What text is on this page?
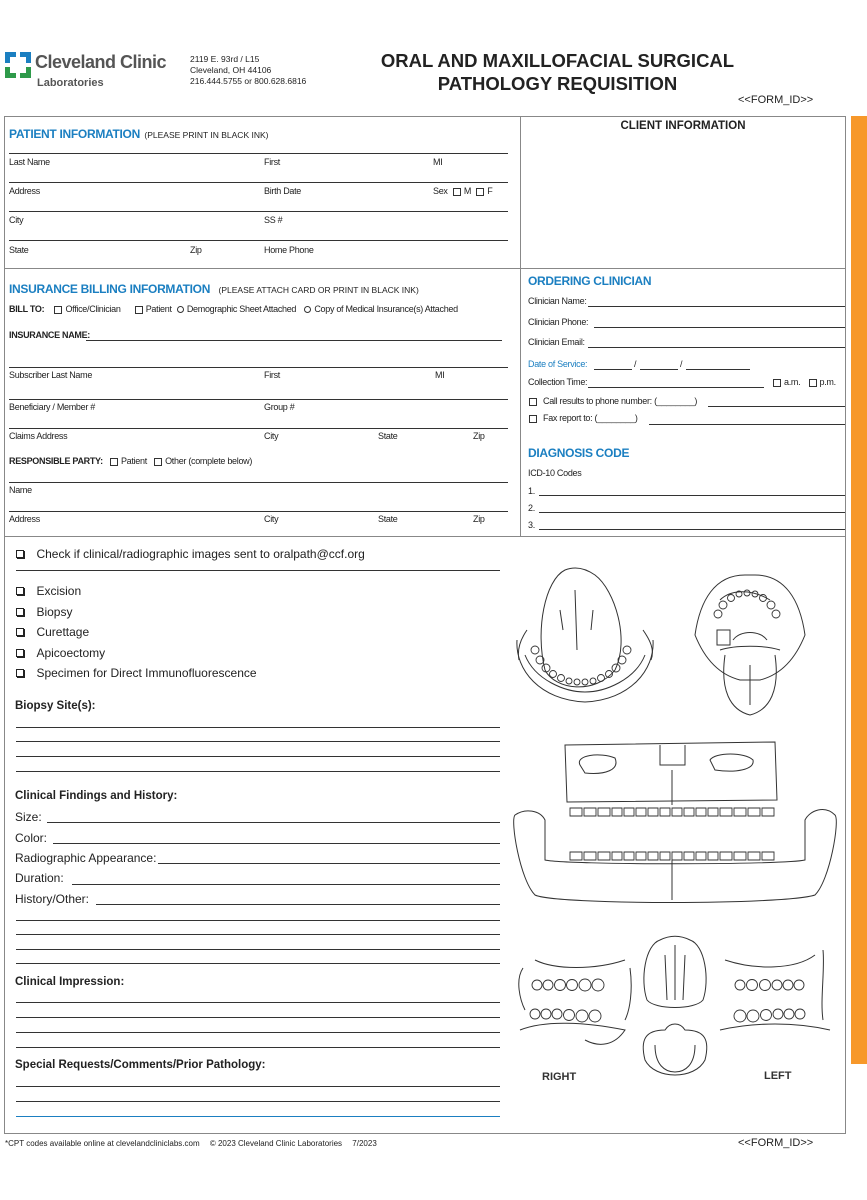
Cleveland Clinic
Laboratories
2119 E. 93rd / L15
Cleveland, OH 44106
216.444.5755 or 800.628.6816
ORAL AND MAXILLOFACIAL SURGICAL
PATHOLOGY REQUISITION
<<FORM_ID>>
PATIENT INFORMATION (PLEASE PRINT IN BLACK INK)
Last Name	First	MI
Address	Birth Date	Sex M F
City	SS #
State	Zip	Home Phone
CLIENT INFORMATION
INSURANCE BILLING INFORMATION (PLEASE ATTACH CARD OR PRINT IN BLACK INK)
BILL TO: Office/Clinician	Patient Demographic Sheet Attached Copy of Medical Insurance(s) Attached
INSURANCE NAME:
Subscriber Last Name	First	MI
Beneficiary / Member #	Group #
Claims Address	City	State	Zip
RESPONSIBLE PARTY: Patient Other (complete below)
Name
Address	City	State	Zip
ORDERING CLINICIAN
Clinician Name:
Clinician Phone:
Clinician Email:
Date of Service:	/	/
Collection Time:	a.m. p.m.
Call results to phone number: (________)
Fax report to: (________)
DIAGNOSIS CODE
ICD-10 Codes
1.
2.
3.
Check if clinical/radiographic images sent to oralpath@ccf.org
Excision
Biopsy
Curettage
Apicoectomy
Specimen for Direct Immunofluorescence
Biopsy Site(s):
Clinical Findings and History:
Size:
Color:
Radiographic Appearance:
Duration:
History/Other:
Clinical Impression:
Special Requests/Comments/Prior Pathology:
RIGHT	LEFT
*CPT codes available online at clevelandcliniclabs.com © 2023 Cleveland Clinic Laboratories 7/2023	<<FORM_ID>>
